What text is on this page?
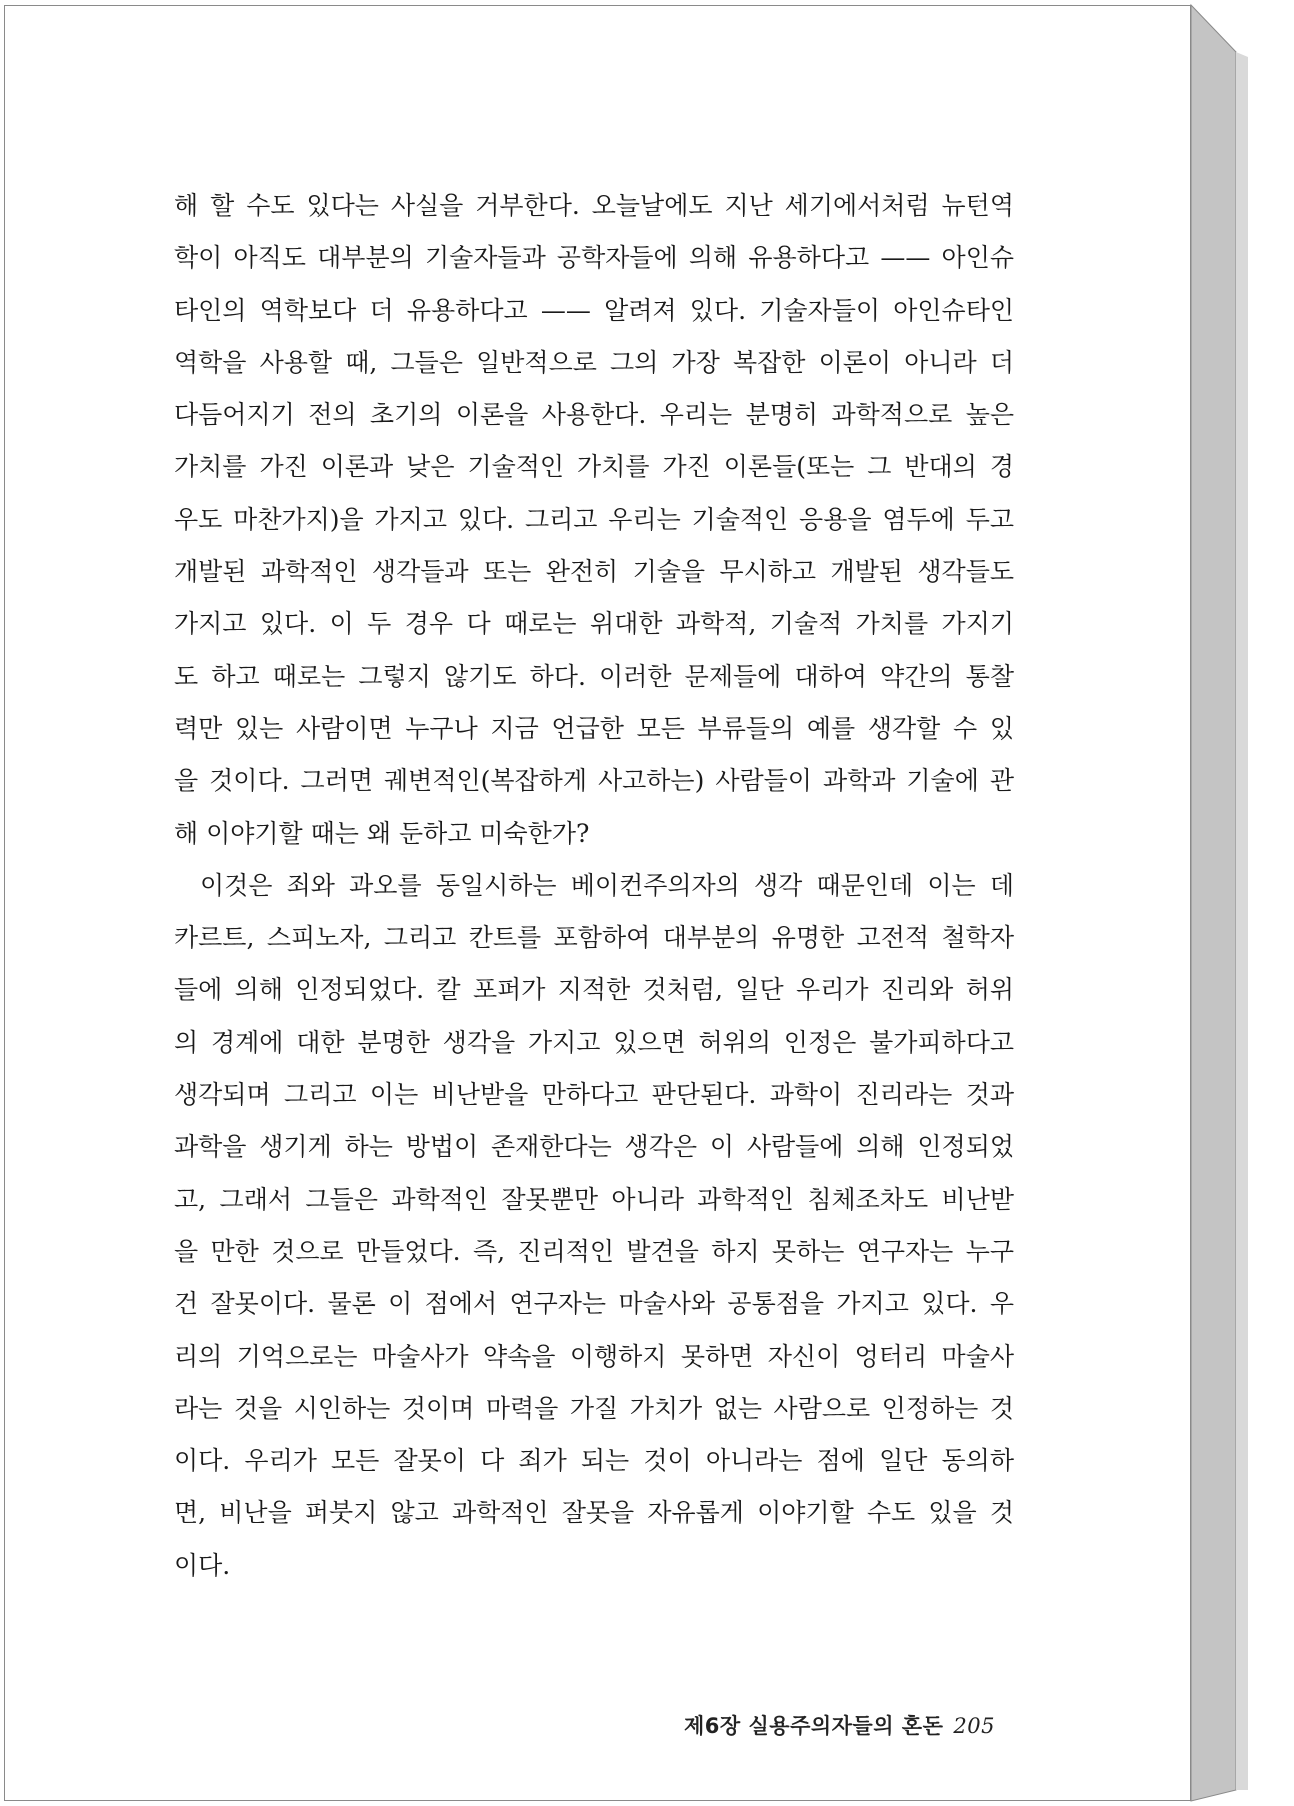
해 할 수도 있다는 사실을 거부한다. 오늘날에도 지난 세기에서처럼 뉴턴역
학이 아직도 대부분의 기술자들과 공학자들에 의해 유용하다고 —— 아인슈
타인의 역학보다 더 유용하다고 —— 알려져 있다. 기술자들이 아인슈타인
역학을 사용할 때, 그들은 일반적으로 그의 가장 복잡한 이론이 아니라 더
다듬어지기 전의 초기의 이론을 사용한다. 우리는 분명히 과학적으로 높은
가치를 가진 이론과 낮은 기술적인 가치를 가진 이론들(또는 그 반대의 경
우도 마찬가지)을 가지고 있다. 그리고 우리는 기술적인 응용을 염두에 두고
개발된 과학적인 생각들과 또는 완전히 기술을 무시하고 개발된 생각들도
가지고 있다. 이 두 경우 다 때로는 위대한 과학적, 기술적 가치를 가지기
도 하고 때로는 그렇지 않기도 하다. 이러한 문제들에 대하여 약간의 통찰
력만 있는 사람이면 누구나 지금 언급한 모든 부류들의 예를 생각할 수 있
을 것이다. 그러면 궤변적인(복잡하게 사고하는) 사람들이 과학과 기술에 관
해 이야기할 때는 왜 둔하고 미숙한가?
이것은 죄와 과오를 동일시하는 베이컨주의자의 생각 때문인데 이는 데
카르트, 스피노자, 그리고 칸트를 포함하여 대부분의 유명한 고전적 철학자
들에 의해 인정되었다. 칼 포퍼가 지적한 것처럼, 일단 우리가 진리와 허위
의 경계에 대한 분명한 생각을 가지고 있으면 허위의 인정은 불가피하다고
생각되며 그리고 이는 비난받을 만하다고 판단된다. 과학이 진리라는 것과
과학을 생기게 하는 방법이 존재한다는 생각은 이 사람들에 의해 인정되었
고, 그래서 그들은 과학적인 잘못뿐만 아니라 과학적인 침체조차도 비난받
을 만한 것으로 만들었다. 즉, 진리적인 발견을 하지 못하는 연구자는 누구
건 잘못이다. 물론 이 점에서 연구자는 마술사와 공통점을 가지고 있다. 우
리의 기억으로는 마술사가 약속을 이행하지 못하면 자신이 엉터리 마술사
라는 것을 시인하는 것이며 마력을 가질 가치가 없는 사람으로 인정하는 것
이다. 우리가 모든 잘못이 다 죄가 되는 것이 아니라는 점에 일단 동의하
면, 비난을 퍼붓지 않고 과학적인 잘못을 자유롭게 이야기할 수도 있을 것
이다.
제6장 실용주의자들의 혼돈 205
